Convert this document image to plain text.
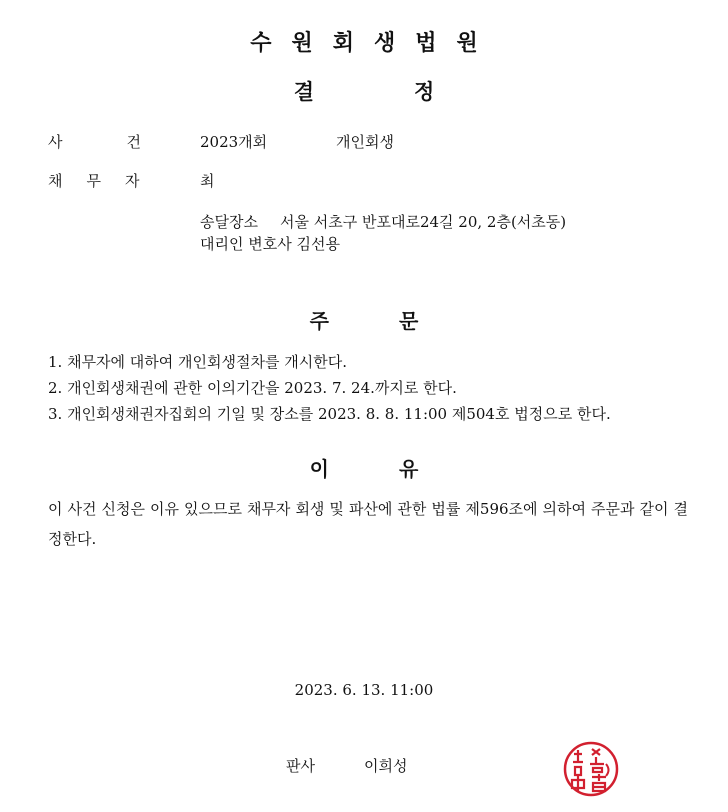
수원회생법원
결정
사건
2023개회	개인회생
채무자 최
송달장소 서울 서초구 반포대로24길 20, 2층(서초동)
대리인 변호사 김선용
주문
1. 채무자에 대하여 개인회생절차를 개시한다.
2. 개인회생채권에 관한 이의기간을 2023. 7. 24.까지로 한다.
3. 개인회생채권자집회의 기일 및 장소를 2023. 8. 8. 11:00 제504호 법정으로 한다.
이유
이 사건 신청은 이유 있으므로 채무자 회생 및 파산에 관한 법률 제596조에 의하여 주문과 같이 결정한다.
2023. 6. 13. 11:00
판사	이희성
